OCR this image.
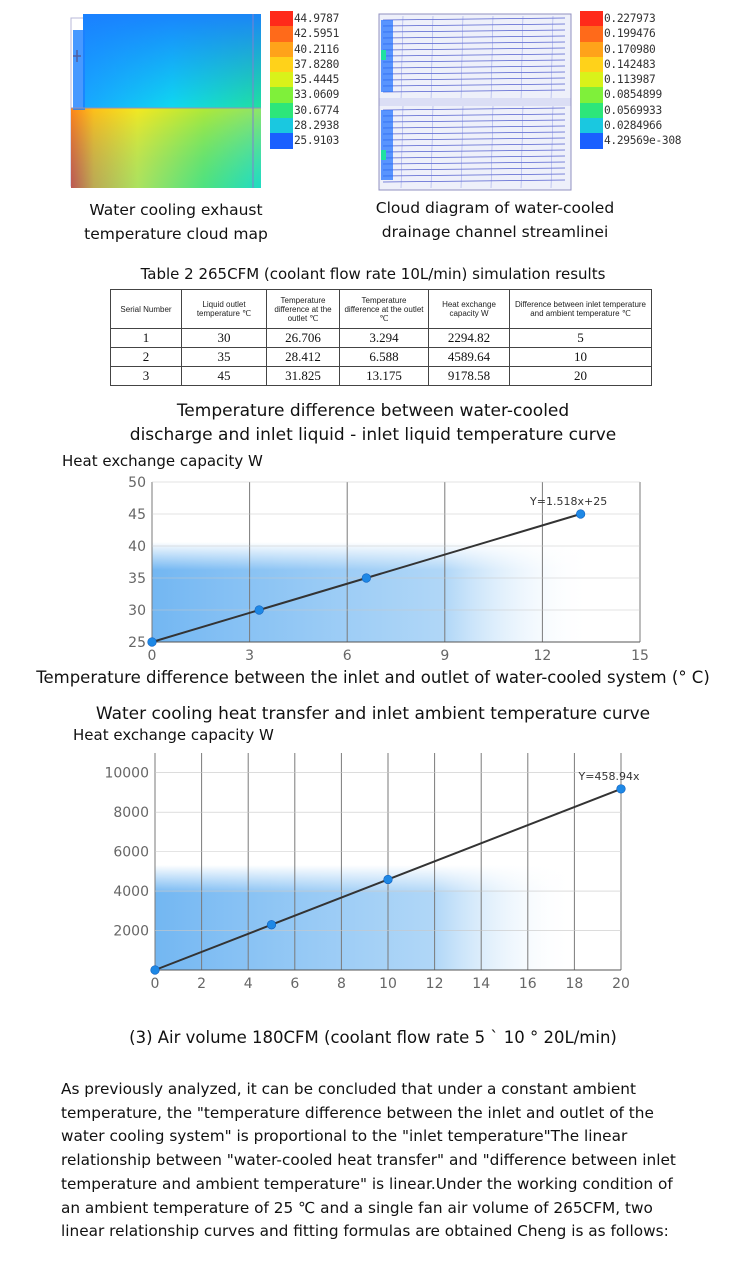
44.9787
42.5951
40.2116
37.8280
35.4445
33.0609
30.6774
28.2938
25.9103
0.227973
0.199476
0.170980
0.142483
0.113987
0.0854899
0.0569933
0.0284966
4.29569e-308
Water cooling exhaust
temperature cloud map
Cloud diagram of water-cooled
drainage channel streamlinei
Table 2 265CFM (coolant flow rate 10L/min) simulation results
Serial Number	Liquid outlet temperature ℃	Temperature difference at the outlet ℃	Temperature difference at the outlet ℃	Heat exchange capacity W	Difference between inlet temperature and ambient temperature ℃
1	30	26.706	3.294	2294.82	5
2	35	28.412	6.588	4589.64	10
3	45	31.825	13.175	9178.58	20
Temperature difference between water-cooled
discharge and inlet liquid - inlet liquid temperature curve
Heat exchange capacity W
25
30
35
40
45
50
0	3	6	9	12	15
Y=1.518x+25
Temperature difference between the inlet and outlet of water-cooled system (° C)
Water cooling heat transfer and inlet ambient temperature curve
Heat exchange capacity W
2000
4000
6000
8000
10000
0	2	4	6	8 10 12 14 16 18 20
Y=458.94x
(3) Air volume 180CFM (coolant flow rate 5 ` 10 ° 20L/min)
As previously analyzed, it can be concluded that under a constant ambient temperature, the "temperature difference between the inlet and outlet of the water cooling system" is proportional to the "inlet temperature"The linear relationship between "water-cooled heat transfer" and "difference between inlet temperature and ambient temperature" is linear.Under the working condition of an ambient temperature of 25 ℃ and a single fan air volume of 265CFM, two linear relationship curves and fitting formulas are obtained Cheng is as follows:
